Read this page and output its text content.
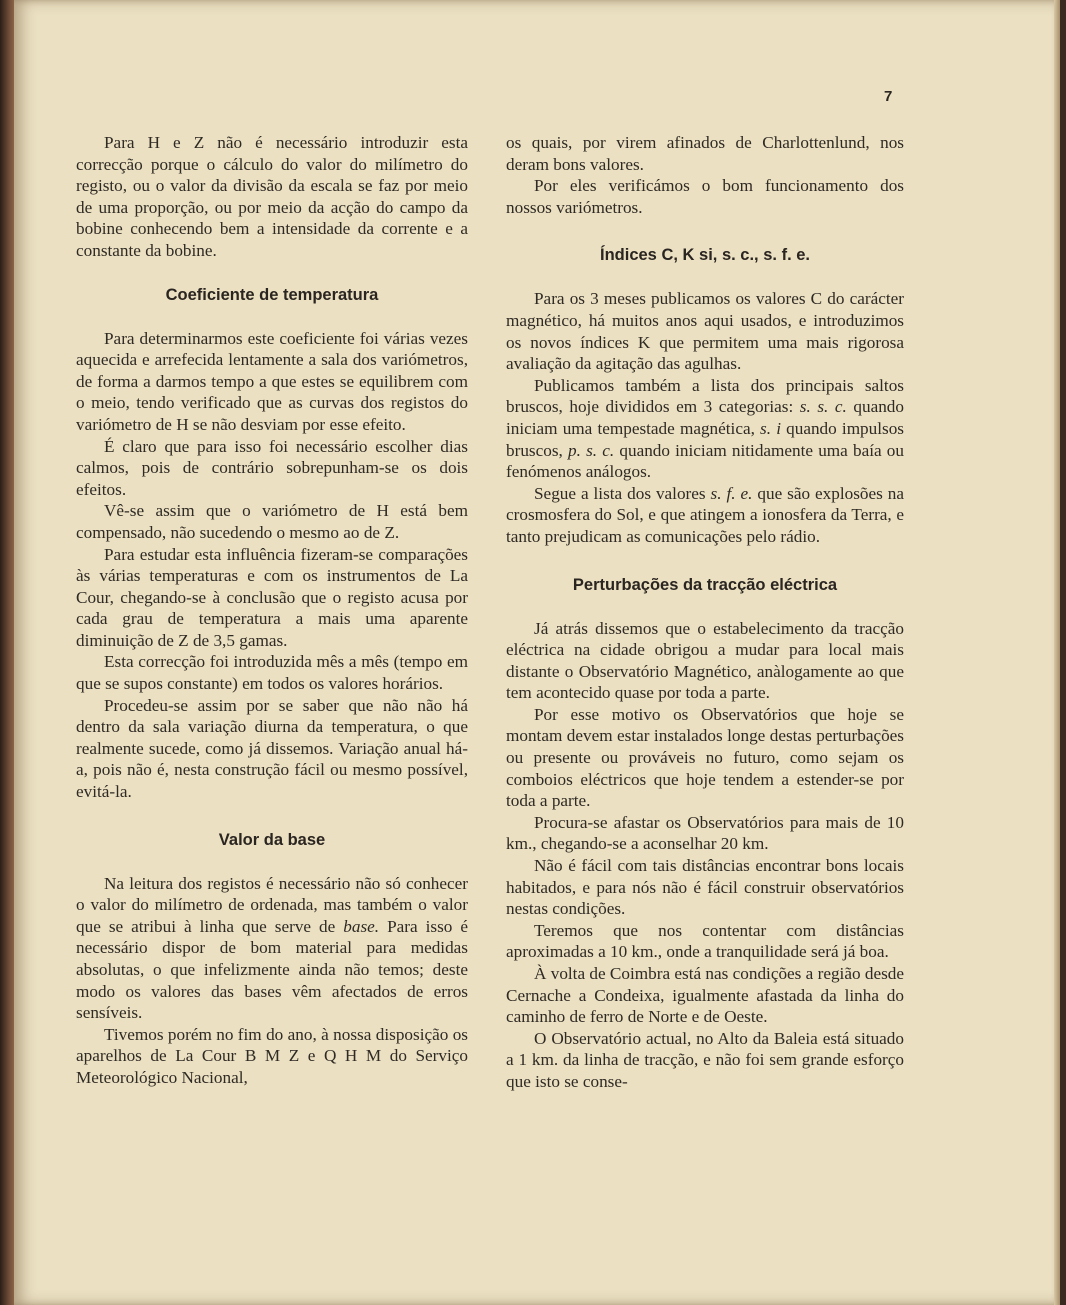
7

Para H e Z não é necessário introduzir esta correcção porque o cálculo do valor do milímetro do registo, ou o valor da divisão da escala se faz por meio de uma proporção, ou por meio da acção do campo da bobine conhecendo bem a intensidade da corrente e a constante da bobine.

Coeficiente de temperatura

Para determinarmos este coeficiente foi várias vezes aquecida e arrefecida lentamente a sala dos variómetros, de forma a darmos tempo a que estes se equilibrem com o meio, tendo verificado que as curvas dos registos do variómetro de H se não desviam por esse efeito.

É claro que para isso foi necessário escolher dias calmos, pois de contrário sobrepunham-se os dois efeitos.

Vê-se assim que o variómetro de H está bem compensado, não sucedendo o mesmo ao de Z.

Para estudar esta influência fizeram-se comparações às várias temperaturas e com os instrumentos de La Cour, chegando-se à conclusão que o registo acusa por cada grau de temperatura a mais uma aparente diminuição de Z de 3,5 gamas.

Esta correcção foi introduzida mês a mês (tempo em que se supos constante) em todos os valores horários.

Procedeu-se assim por se saber que não não há dentro da sala variação diurna da temperatura, o que realmente sucede, como já dissemos. Variação anual há-a, pois não é, nesta construção fácil ou mesmo possível, evitá-la.

Valor da base

Na leitura dos registos é necessário não só conhecer o valor do milímetro de ordenada, mas também o valor que se atribui à linha que serve de base. Para isso é necessário dispor de bom material para medidas absolutas, o que infelizmente ainda não temos; deste modo os valores das bases vêm afectados de erros sensíveis.

Tivemos porém no fim do ano, à nossa disposição os aparelhos de La Cour B M Z e Q H M do Serviço Meteorológico Nacional,

os quais, por virem afinados de Charlottenlund, nos deram bons valores.

Por eles verificámos o bom funcionamento dos nossos variómetros.

Índices C, K si, s. c., s. f. e.

Para os 3 meses publicamos os valores C do carácter magnético, há muitos anos aqui usados, e introduzimos os novos índices K que permitem uma mais rigorosa avaliação da agitação das agulhas.

Publicamos também a lista dos principais saltos bruscos, hoje divididos em 3 categorias: s. s. c. quando iniciam uma tempestade magnética, s. i quando impulsos bruscos, p. s. c. quando iniciam nitidamente uma baía ou fenómenos análogos.

Segue a lista dos valores s. f. e. que são explosões na crosmosfera do Sol, e que atingem a ionosfera da Terra, e tanto prejudicam as comunicações pelo rádio.

Perturbações da tracção eléctrica

Já atrás dissemos que o estabelecimento da tracção eléctrica na cidade obrigou a mudar para local mais distante o Observatório Magnético, anàlogamente ao que tem acontecido quase por toda a parte.

Por esse motivo os Observatórios que hoje se montam devem estar instalados longe destas perturbações ou presente ou prováveis no futuro, como sejam os comboios eléctricos que hoje tendem a estender-se por toda a parte.

Procura-se afastar os Observatórios para mais de 10 km., chegando-se a aconselhar 20 km.

Não é fácil com tais distâncias encontrar bons locais habitados, e para nós não é fácil construir observatórios nestas condições.

Teremos que nos contentar com distâncias aproximadas a 10 km., onde a tranquilidade será já boa.

À volta de Coimbra está nas condições a região desde Cernache a Condeixa, igualmente afastada da linha do caminho de ferro de Norte e de Oeste.

O Observatório actual, no Alto da Baleia está situado a 1 km. da linha de tracção, e não foi sem grande esforço que isto se conse-
